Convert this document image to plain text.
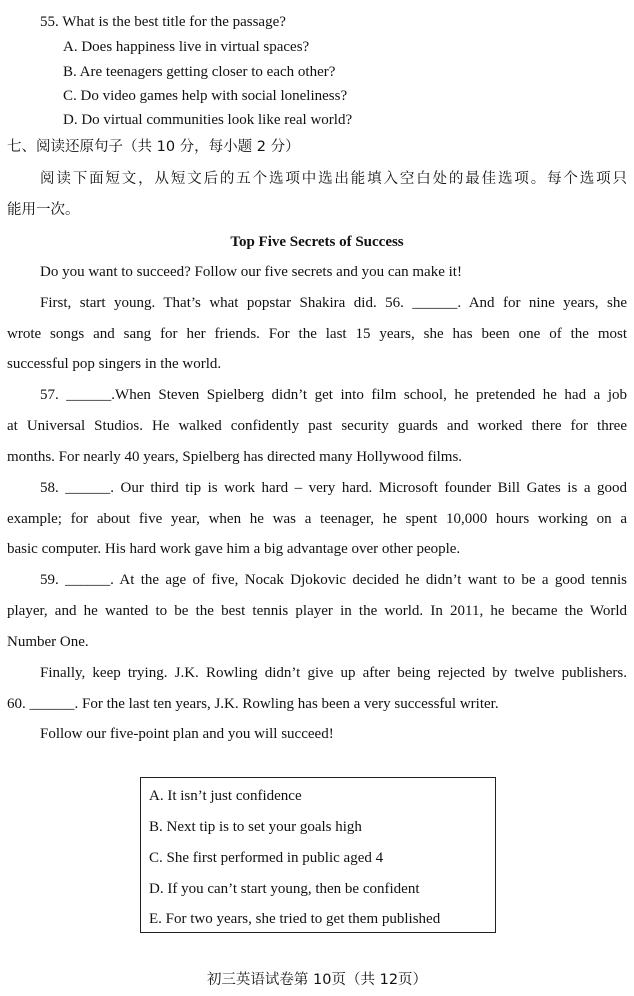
55. What is the best title for the passage?
A. Does happiness live in virtual spaces?
B. Are teenagers getting closer to each other?
C. Do video games help with social loneliness?
D. Do virtual communities look like real world?
七、阅读还原句子（共 10 分，每小题 2 分）
阅读下面短文，从短文后的五个选项中选出能填入空白处的最佳选项。每个选项只
能用一次。
Top Five Secrets of Success
Do you want to succeed? Follow our five secrets and you can make it!
First, start young. That’s what popstar Shakira did. 56. ______. And for nine years, she
wrote songs and sang for her friends. For the last 15 years, she has been one of the most
successful pop singers in the world.
57. ______.When Steven Spielberg didn’t get into film school, he pretended he had a job
at Universal Studios. He walked confidently past security guards and worked there for three
months. For nearly 40 years, Spielberg has directed many Hollywood films.
58. ______. Our third tip is work hard – very hard. Microsoft founder Bill Gates is a good
example; for about five year, when he was a teenager, he spent 10,000 hours working on a
basic computer. His hard work gave him a big advantage over other people.
59. ______. At the age of five, Nocak Djokovic decided he didn’t want to be a good tennis
player, and he wanted to be the best tennis player in the world. In 2011, he became the World
Number One.
Finally, keep trying. J.K. Rowling didn’t give up after being rejected by twelve publishers.
60. ______. For the last ten years, J.K. Rowling has been a very successful writer.
Follow our five-point plan and you will succeed!
A. It isn’t just confidence
B. Next tip is to set your goals high
C. She first performed in public aged 4
D. If you can’t start young, then be confident
E. For two years, she tried to get them published
初三英语试卷第 10页（共 12页）
